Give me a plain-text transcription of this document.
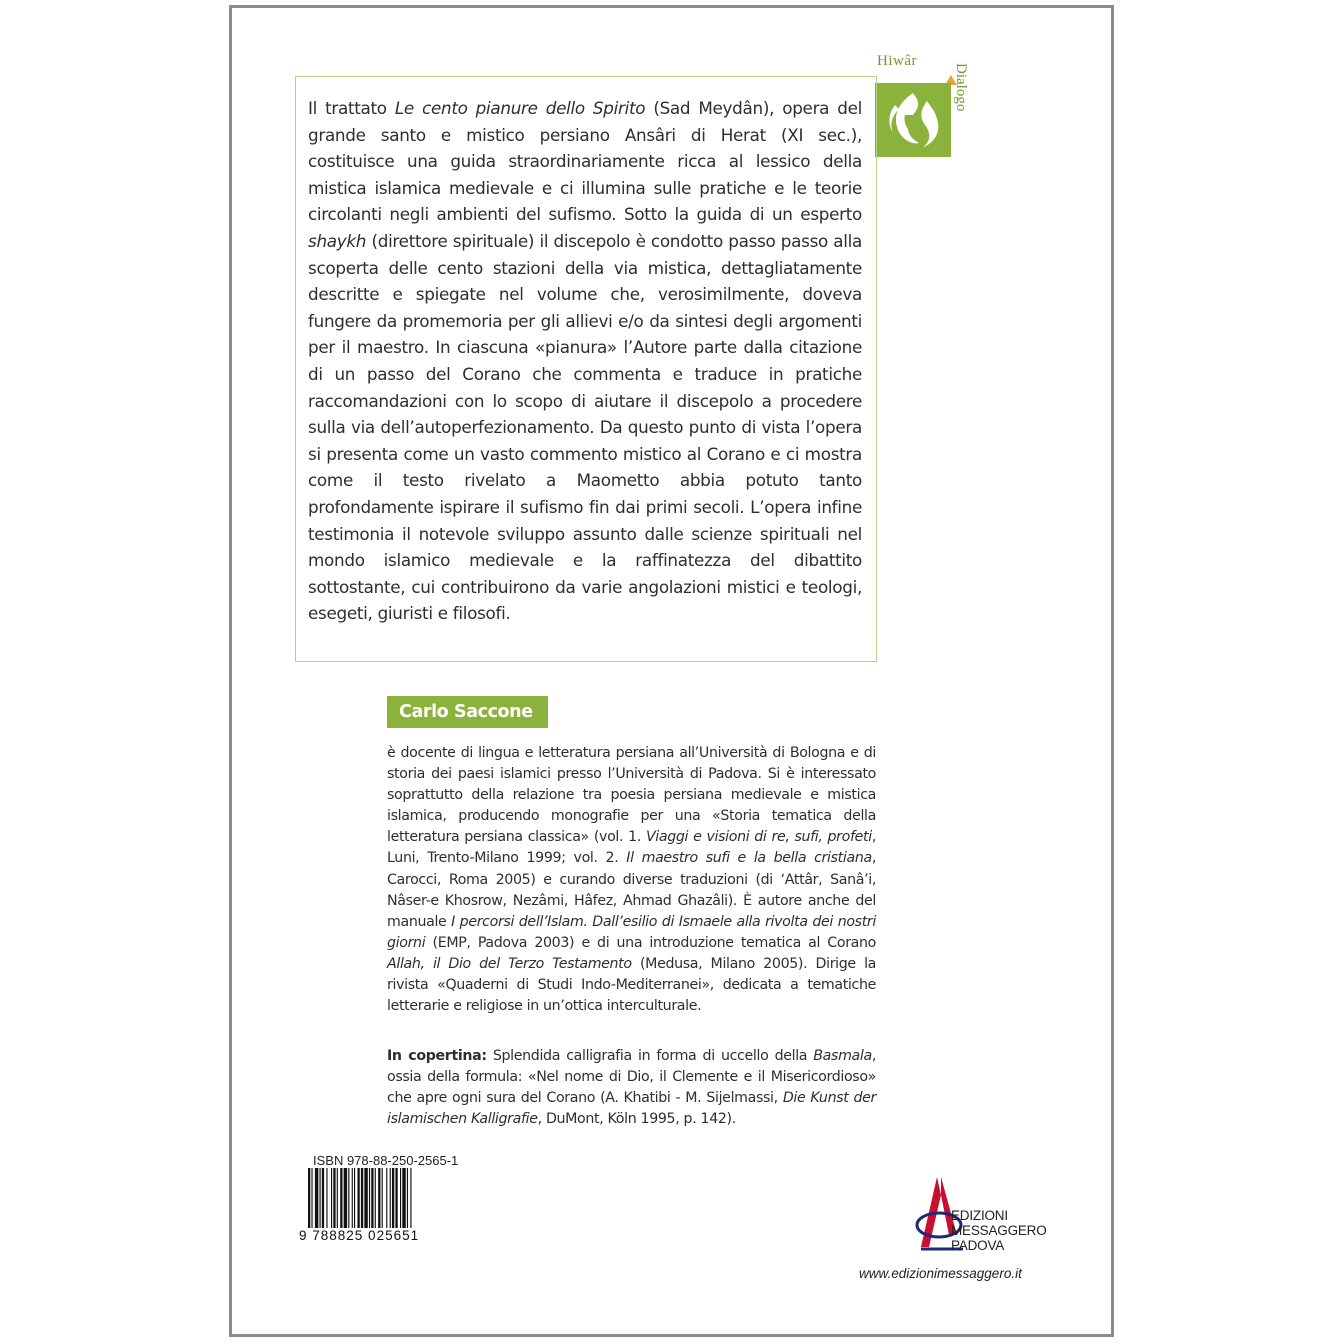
Hiwâr
Dialogo
Il trattato Le cento pianure dello Spirito (Sad Meydân), opera del grande santo e mistico persiano Ansâri di Herat (XI sec.), costituisce una guida straordinariamente ricca al lessico della mistica islamica medievale e ci illumina sulle pratiche e le teorie circolanti negli ambienti del sufismo. Sotto la guida di un esperto shaykh (direttore spirituale) il discepolo è condotto passo passo alla scoperta delle cento stazioni della via mistica, dettagliatamente descritte e spiegate nel volume che, verosimilmente, doveva fungere da promemoria per gli allievi e/o da sintesi degli argomenti per il maestro. In ciascuna «pianura» l’Autore parte dalla citazione di un passo del Corano che commenta e traduce in pratiche raccomandazioni con lo scopo di aiutare il discepolo a procedere sulla via dell’autoperfezionamento. Da questo punto di vista l’opera si presenta come un vasto commento mistico al Corano e ci mostra come il testo rivelato a Maometto abbia potuto tanto profondamente ispirare il sufismo fin dai primi secoli. L’opera infine testimonia il notevole sviluppo assunto dalle scienze spirituali nel mondo islamico medievale e la raffinatezza del dibattito sottostante, cui contribuirono da varie angolazioni mistici e teologi, esegeti, giuristi e filosofi.
Carlo Saccone
è docente di lingua e letteratura persiana all’Università di Bologna e di storia dei paesi islamici presso l’Università di Padova. Si è interessato soprattutto della relazione tra poesia persiana medievale e mistica islamica, producendo monografie per una «Storia tematica della letteratura persiana classica» (vol. 1. Viaggi e visioni di re, sufi, profeti, Luni, Trento-Milano 1999; vol. 2. Il maestro sufi e la bella cristiana, Carocci, Roma 2005) e curando diverse traduzioni (di ‘Attâr, Sanâ’i, Nâser-e Khosrow, Nezâmi, Hâfez, Ahmad Ghazâli). È autore anche del manuale I percorsi dell’Islam. Dall’esilio di Ismaele alla rivolta dei nostri giorni (EMP, Padova 2003) e di una introduzione tematica al Corano Allah, il Dio del Terzo Testamento (Medusa, Milano 2005). Dirige la rivista «Quaderni di Studi Indo-Mediterranei», dedicata a tematiche letterarie e religiose in un’ottica interculturale.
In copertina: Splendida calligrafia in forma di uccello della Basmala, ossia della formula: «Nel nome di Dio, il Clemente e il Misericordioso» che apre ogni sura del Corano (A. Khatibi - M. Sijelmassi, Die Kunst der islamischen Kalligrafie, DuMont, Köln 1995, p. 142).
ISBN 978-88-250-2565-1
9 788825 025651
EDIZIONI
MESSAGGERO
PADOVA
www.edizionimessaggero.it
